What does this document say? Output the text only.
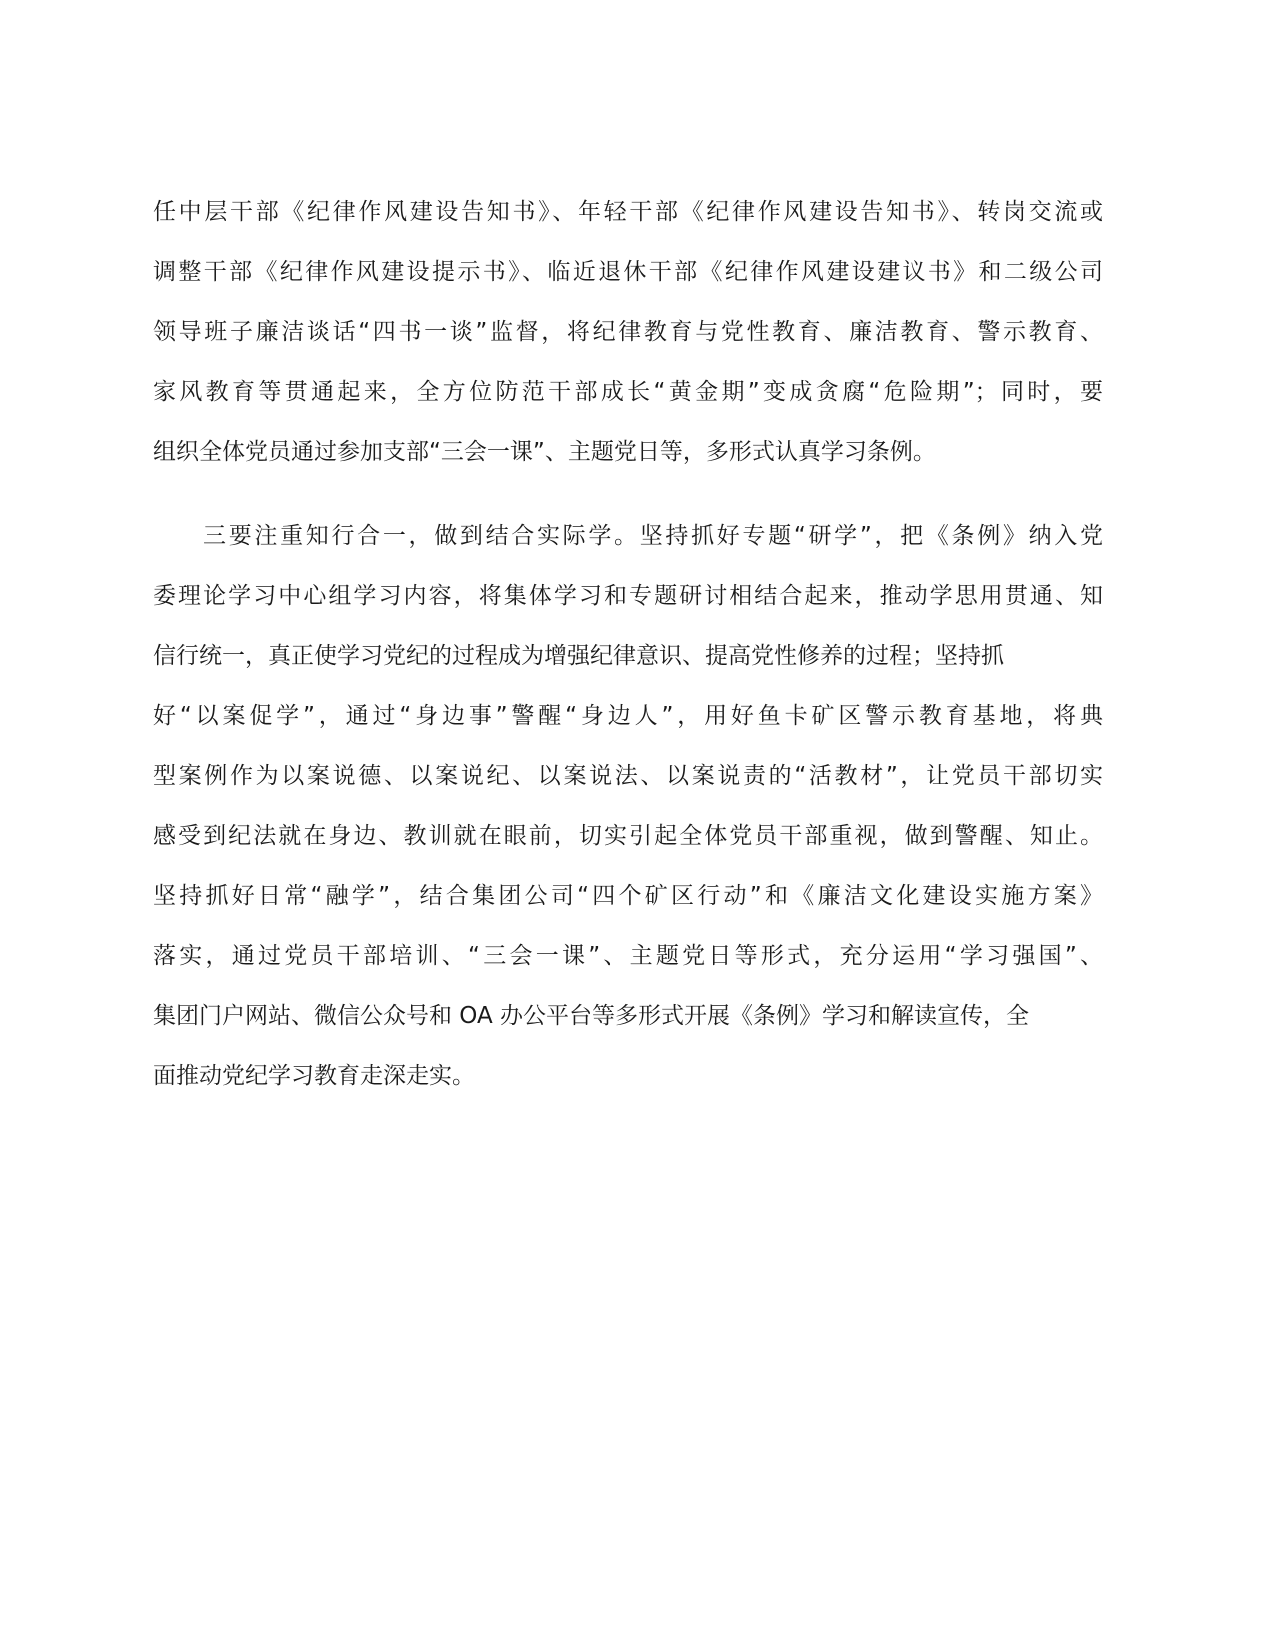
任中层干部《纪律作风建设告知书》、年轻干部《纪律作风建设告知书》、转岗交流或
调整干部《纪律作风建设提示书》、临近退休干部《纪律作风建设建议书》和二级公司
领导班子廉洁谈话“四书一谈”监督，将纪律教育与党性教育、廉洁教育、警示教育、
家风教育等贯通起来，全方位防范干部成长“黄金期”变成贪腐“危险期”；同时，要
组织全体党员通过参加支部“三会一课”、主题党日等，多形式认真学习条例。
三要注重知行合一，做到结合实际学。坚持抓好专题“研学”，把《条例》纳入党
委理论学习中心组学习内容，将集体学习和专题研讨相结合起来，推动学思用贯通、知
信行统一，真正使学习党纪的过程成为增强纪律意识、提高党性修养的过程；坚持抓
好“以案促学”，通过“身边事”警醒“身边人”，用好鱼卡矿区警示教育基地，将典
型案例作为以案说德、以案说纪、以案说法、以案说责的“活教材”，让党员干部切实
感受到纪法就在身边、教训就在眼前，切实引起全体党员干部重视，做到警醒、知止。
坚持抓好日常“融学”，结合集团公司“四个矿区行动”和《廉洁文化建设实施方案》
落实，通过党员干部培训、“三会一课”、主题党日等形式，充分运用“学习强国”、
集团门户网站、微信公众号和 OA 办公平台等多形式开展《条例》学习和解读宣传，全
面推动党纪学习教育走深走实。
